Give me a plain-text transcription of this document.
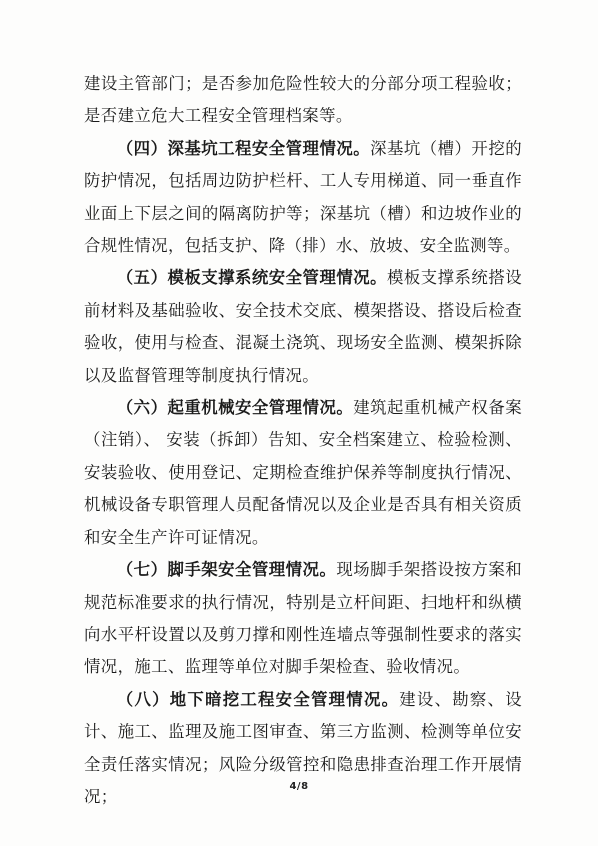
建设主管部门；是否参加危险性较大的分部分项工程验收；是否建立危大工程安全管理档案等。

（四）深基坑工程安全管理情况。深基坑（槽）开挖的防护情况，包括周边防护栏杆、工人专用梯道、同一垂直作业面上下层之间的隔离防护等；深基坑（槽）和边坡作业的合规性情况，包括支护、降（排）水、放坡、安全监测等。

（五）模板支撑系统安全管理情况。模板支撑系统搭设前材料及基础验收、安全技术交底、模架搭设、搭设后检查验收，使用与检查、混凝土浇筑、现场安全监测、模架拆除以及监督管理等制度执行情况。

（六）起重机械安全管理情况。建筑起重机械产权备案（注销）、 安装（拆卸）告知、安全档案建立、检验检测、安装验收、使用登记、定期检查维护保养等制度执行情况、机械设备专职管理人员配备情况以及企业是否具有相关资质和安全生产许可证情况。

（七）脚手架安全管理情况。现场脚手架搭设按方案和规范标准要求的执行情况，特别是立杆间距、扫地杆和纵横向水平杆设置以及剪刀撑和刚性连墙点等强制性要求的落实情况，施工、监理等单位对脚手架检查、验收情况。

（八）地下暗挖工程安全管理情况。建设、勘察、设计、施工、监理及施工图审查、第三方监测、检测等单位安全责任落实情况；风险分级管控和隐患排查治理工作开展情况；

4/8
